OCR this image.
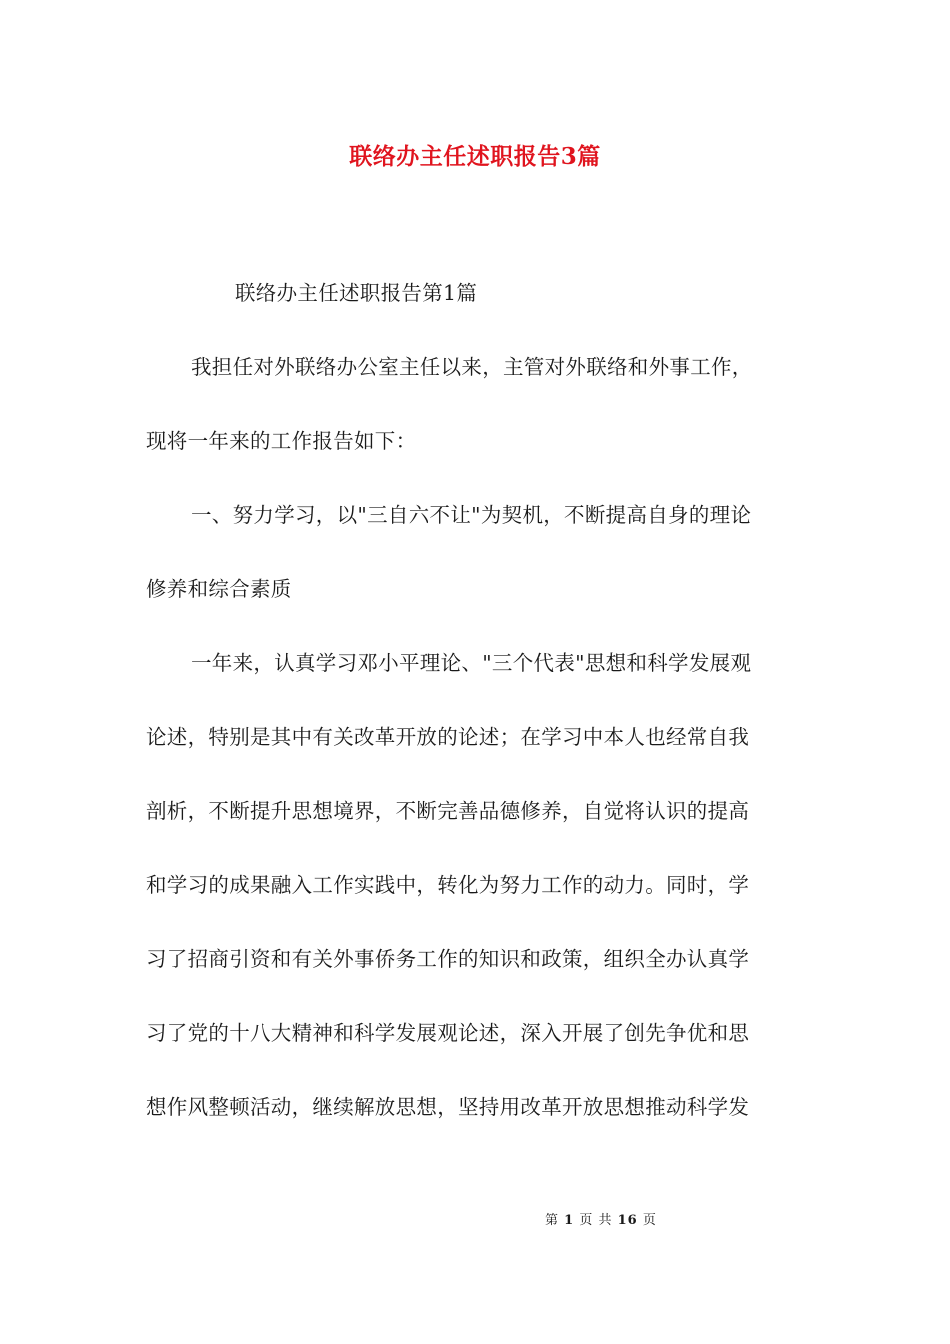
联络办主任述职报告3篇
联络办主任述职报告第1篇
我担任对外联络办公室主任以来，主管对外联络和外事工作，
现将一年来的工作报告如下：
一、努力学习，以"三自六不让"为契机，不断提高自身的理论
修养和综合素质
一年来，认真学习邓小平理论、"三个代表"思想和科学发展观
论述，特别是其中有关改革开放的论述；在学习中本人也经常自我
剖析，不断提升思想境界，不断完善品德修养，自觉将认识的提高
和学习的成果融入工作实践中，转化为努力工作的动力。同时，学
习了招商引资和有关外事侨务工作的知识和政策，组织全办认真学
习了党的十八大精神和科学发展观论述，深入开展了创先争优和思
想作风整顿活动，继续解放思想，坚持用改革开放思想推动科学发
第 1 页 共 16 页
